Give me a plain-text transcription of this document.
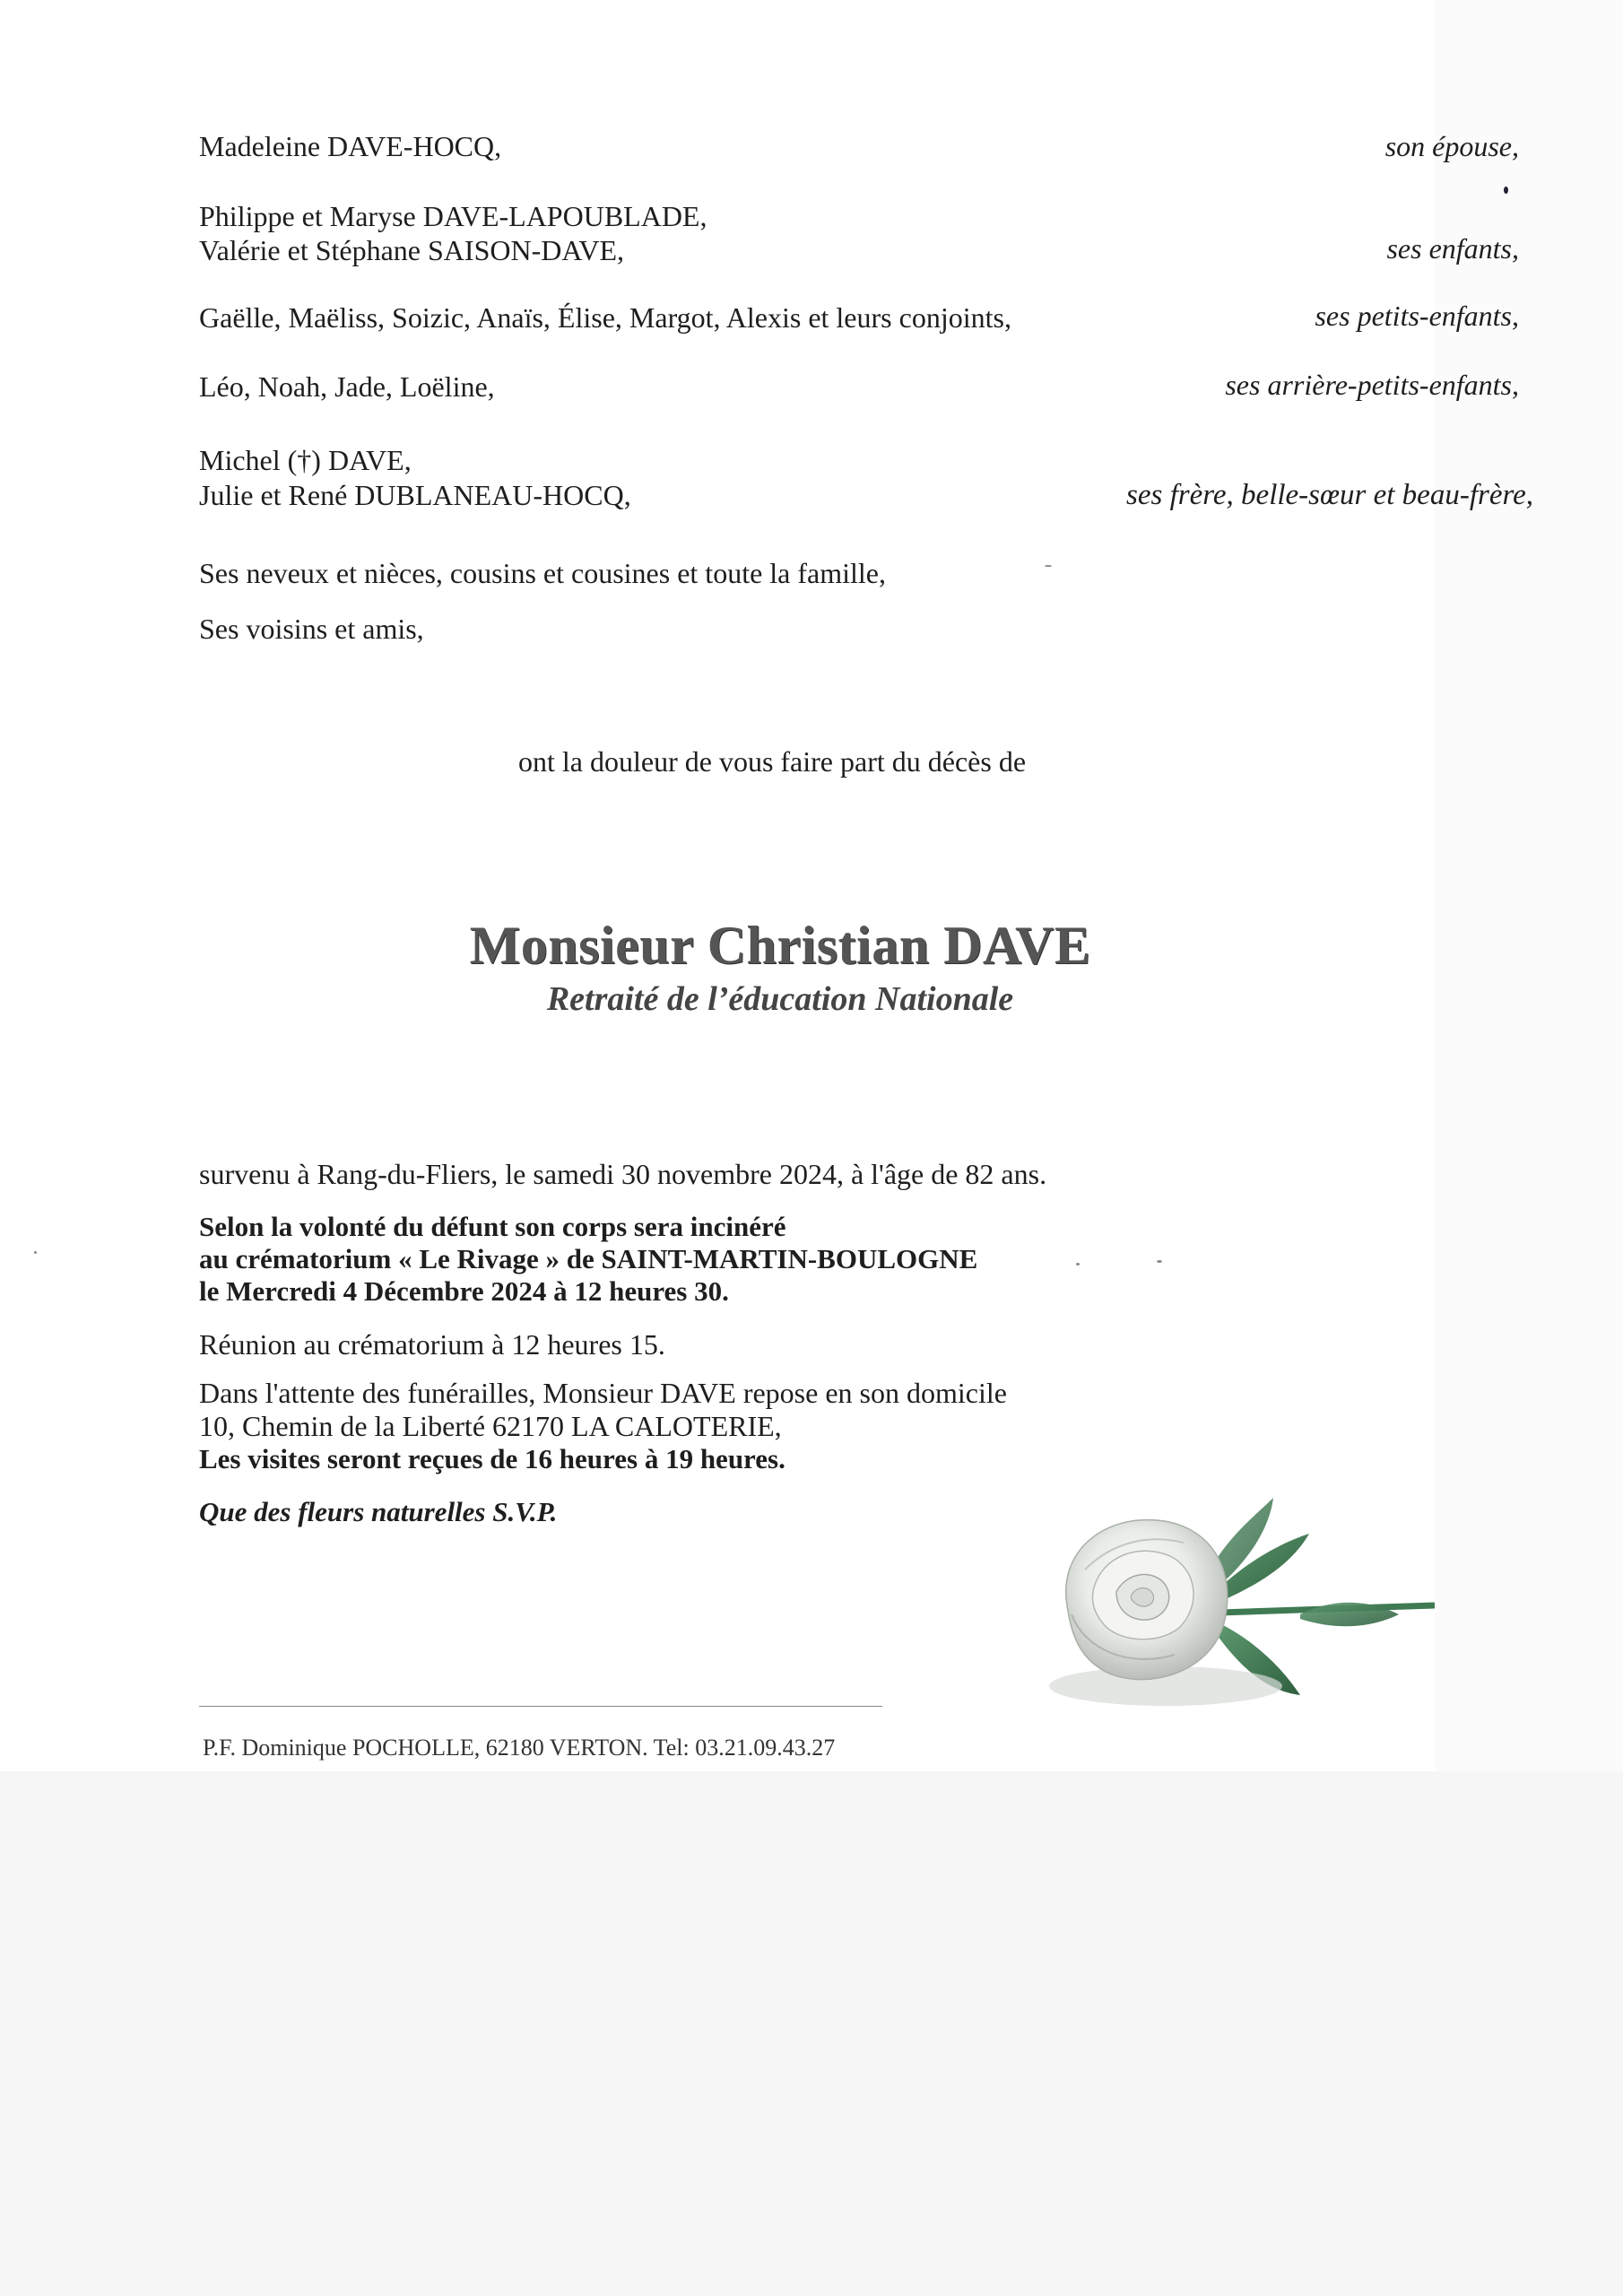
Madeleine DAVE-HOCQ,	son épouse,

Philippe et Maryse DAVE-LAPOUBLADE,

Valérie et Stéphane SAISON-DAVE,	ses enfants,

Gaëlle, Maëliss, Soizic, Anaïs, Élise, Margot, Alexis et leurs conjoints,	ses petits-enfants,

Léo, Noah, Jade, Loëline,	ses arrière-petits-enfants,

Michel (†) DAVE,

Julie et René DUBLANEAU-HOCQ,	ses frère, belle-sœur et beau-frère,

Ses neveux et nièces, cousins et cousines et toute la famille,

Ses voisins et amis,

ont la douleur de vous faire part du décès de

Monsieur Christian DAVE

Retraité de l’éducation Nationale

survenu à Rang-du-Fliers, le samedi 30 novembre 2024, à l'âge de 82 ans.

Selon la volonté du défunt son corps sera incinéré

au crématorium « Le Rivage » de SAINT-MARTIN-BOULOGNE

le Mercredi 4 Décembre 2024 à 12 heures 30.

Réunion au crématorium à 12 heures 15.

Dans l'attente des funérailles, Monsieur DAVE repose en son domicile

10, Chemin de la Liberté 62170 LA CALOTERIE,

Les visites seront reçues de 16 heures à 19 heures.

Que des fleurs naturelles S.V.P.

P.F. Dominique POCHOLLE, 62180 VERTON. Tel: 03.21.09.43.27
